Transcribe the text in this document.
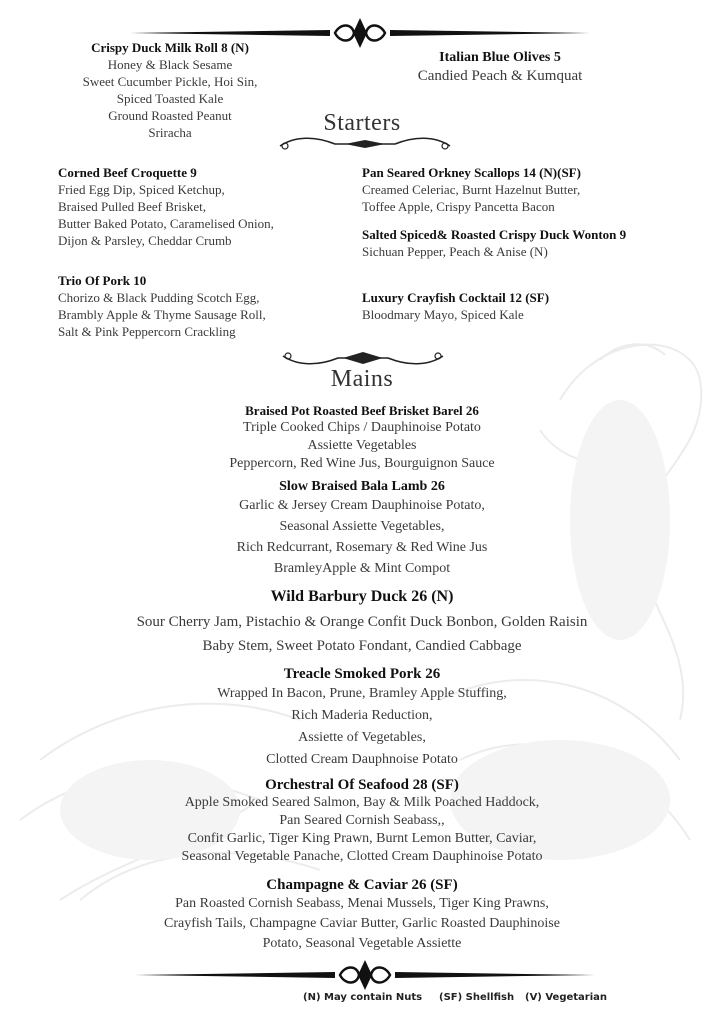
Crispy Duck Milk Roll 8 (N)
Honey & Black Sesame
Sweet Cucumber Pickle, Hoi Sin,
Spiced Toasted Kale
Ground Roasted Peanut
Sriracha
Italian Blue Olives 5
Candied Peach & Kumquat
Starters
Corned Beef Croquette 9
Fried Egg Dip, Spiced Ketchup,
Braised Pulled Beef Brisket,
Butter Baked Potato, Caramelised Onion,
Dijon & Parsley, Cheddar Crumb
Trio Of Pork 10
Chorizo & Black Pudding Scotch Egg,
Brambly Apple & Thyme Sausage Roll,
Salt & Pink Peppercorn Crackling
Pan Seared Orkney Scallops 14 (N)(SF)
Creamed Celeriac, Burnt Hazelnut Butter,
Toffee Apple, Crispy Pancetta Bacon
Salted Spiced& Roasted Crispy Duck Wonton 9
Sichuan Pepper, Peach & Anise (N)
Luxury Crayfish Cocktail 12 (SF)
Bloodmary Mayo, Spiced Kale
Mains
Braised Pot Roasted Beef Brisket Barel 26
Triple Cooked Chips / Dauphinoise Potato
Assiette Vegetables
Peppercorn, Red Wine Jus, Bourguignon Sauce
Slow Braised Bala Lamb 26
Garlic & Jersey Cream Dauphinoise Potato,
Seasonal Assiette Vegetables,
Rich Redcurrant, Rosemary & Red Wine Jus
BramleyApple & Mint Compot
Wild Barbury Duck 26 (N)
Sour Cherry Jam, Pistachio & Orange Confit Duck Bonbon, Golden Raisin
Baby Stem, Sweet Potato Fondant, Candied Cabbage
Treacle Smoked Pork 26
Wrapped In Bacon, Prune, Bramley Apple Stuffing,
Rich Maderia Reduction,
Assiette of Vegetables,
Clotted Cream Dauphnoise Potato
Orchestral Of Seafood 28 (SF)
Apple Smoked Seared Salmon, Bay & Milk Poached Haddock,
Pan Seared Cornish Seabass,,
Confit Garlic, Tiger King Prawn, Burnt Lemon Butter, Caviar,
Seasonal Vegetable Panache, Clotted Cream Dauphinoise Potato
Champagne & Caviar 26 (SF)
Pan Roasted Cornish Seabass, Menai Mussels, Tiger King Prawns,
Crayfish Tails, Champagne Caviar Butter, Garlic Roasted Dauphinoise
Potato, Seasonal Vegetable Assiette
(N) May contain Nuts (SF) Shellfish (V) Vegetarian
